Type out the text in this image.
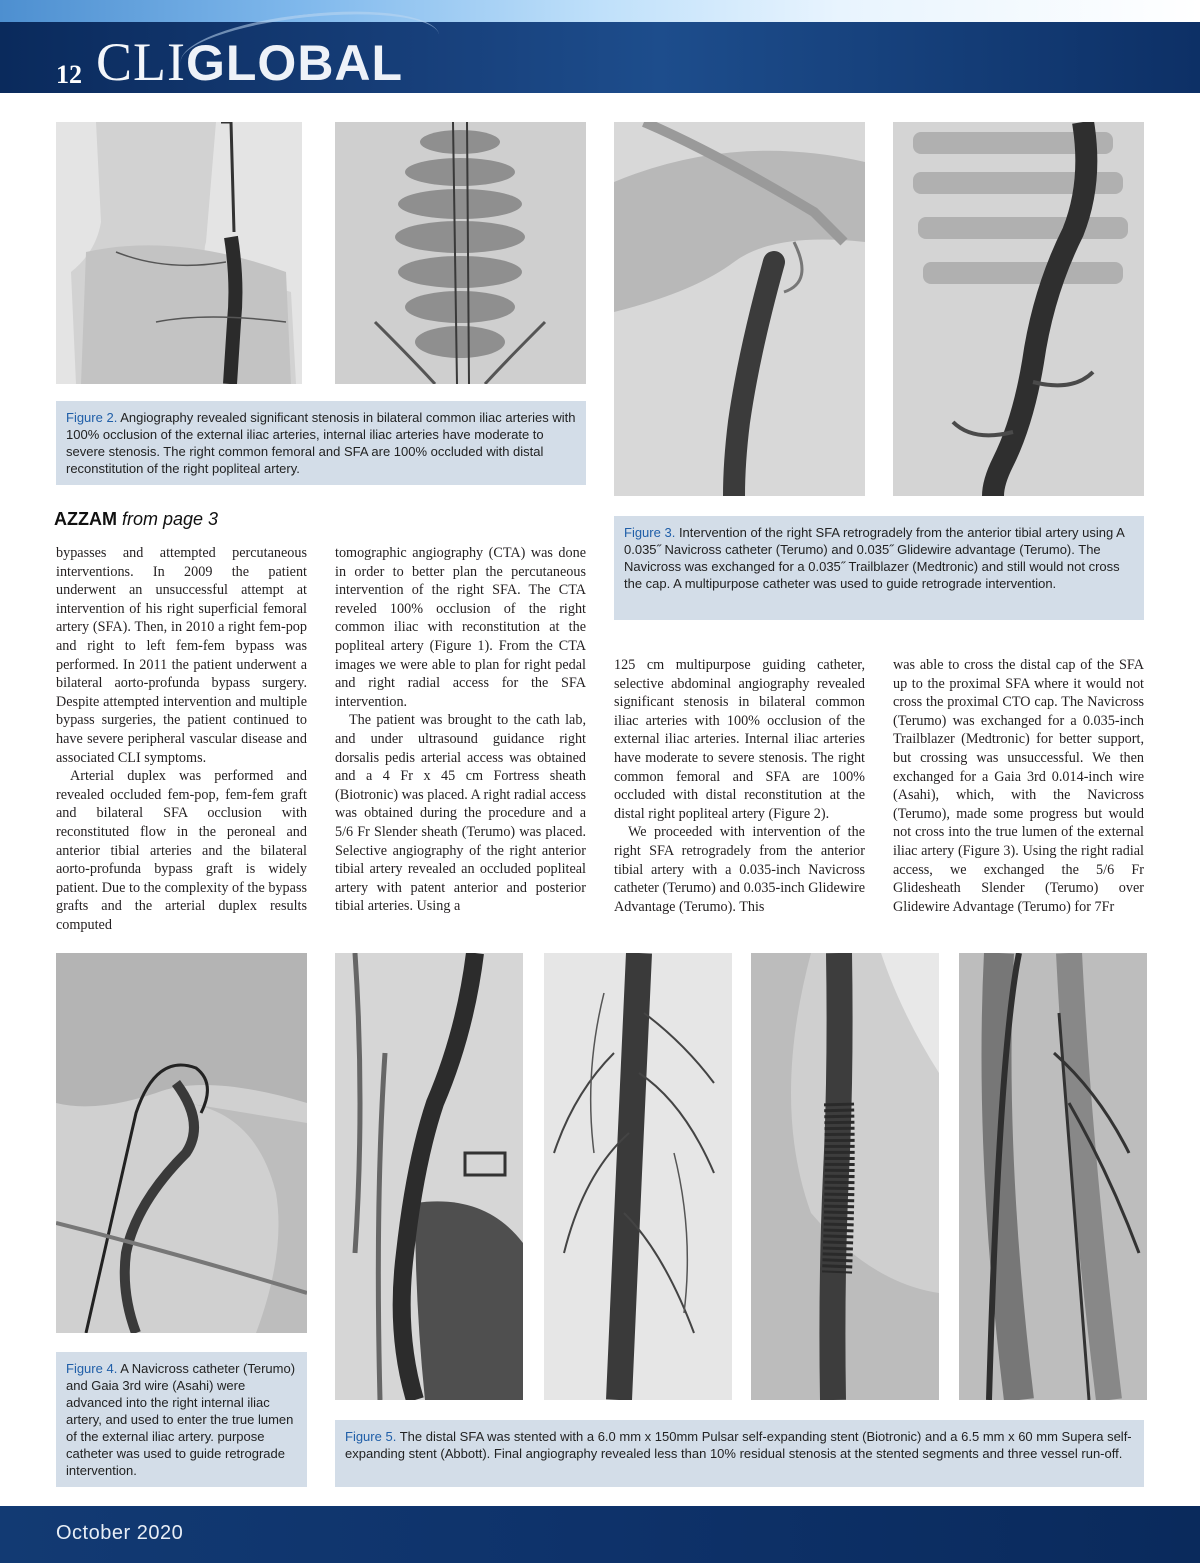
12 CLIGLOBAL
Figure 2. Angiography revealed significant stenosis in bilateral common iliac arteries with 100% occlusion of the external iliac arteries, internal iliac arteries have moderate to severe stenosis. The right common femoral and SFA are 100% occluded with distal reconstitution of the right popliteal artery.
Figure 3. Intervention of the right SFA retrogradely from the anterior tibial artery using A 0.035˝ Navicross catheter (Terumo) and 0.035˝ Glidewire advantage (Terumo). The Navicross was exchanged for a 0.035˝ Trailblazer (Medtronic) and still would not cross the cap. A multipurpose catheter was used to guide retrograde intervention.
AZZAM from page 3

bypasses and attempted percutaneous interventions. In 2009 the patient underwent an unsuccessful attempt at intervention of his right superficial femoral artery (SFA). Then, in 2010 a right fem-pop and right to left fem-fem bypass was performed. In 2011 the patient underwent a bilateral aorto-profunda bypass surgery. Despite attempted intervention and multiple bypass surgeries, the patient continued to have severe peripheral vascular disease and associated CLI symptoms.

Arterial duplex was performed and revealed occluded fem-pop, fem-fem graft and bilateral SFA occlusion with reconstituted flow in the peroneal and anterior tibial arteries and the bilateral aorto-profunda bypass graft is widely patient. Due to the complexity of the bypass grafts and the arterial duplex results computed

tomographic angiography (CTA) was done in order to better plan the percutaneous intervention of the right SFA. The CTA reveled 100% occlusion of the right common iliac with reconstitution at the popliteal artery (Figure 1). From the CTA images we were able to plan for right pedal and right radial access for the SFA intervention.

The patient was brought to the cath lab, and under ultrasound guidance right dorsalis pedis arterial access was obtained and a 4 Fr x 45 cm Fortress sheath (Biotronic) was placed. A right radial access was obtained during the procedure and a 5/6 Fr Slender sheath (Terumo) was placed. Selective angiography of the right anterior tibial artery revealed an occluded popliteal artery with patent anterior and posterior tibial arteries. Using a

125 cm multipurpose guiding catheter, selective abdominal angiography revealed significant stenosis in bilateral common iliac arteries with 100% occlusion of the external iliac arteries. Internal iliac arteries have moderate to severe stenosis. The right common femoral and SFA are 100% occluded with distal reconstitution at the distal right popliteal artery (Figure 2).

We proceeded with intervention of the right SFA retrogradely from the anterior tibial artery with a 0.035-inch Navicross catheter (Terumo) and 0.035-inch Glidewire Advantage (Terumo). This

was able to cross the distal cap of the SFA up to the proximal SFA where it would not cross the proximal CTO cap. The Navicross (Terumo) was exchanged for a 0.035-inch Trailblazer (Medtronic) for better support, but crossing was unsuccessful. We then exchanged for a Gaia 3rd 0.014-inch wire (Asahi), which, with the Navicross (Terumo), made some progress but would not cross into the true lumen of the external iliac artery (Figure 3). Using the right radial access, we exchanged the 5/6 Fr Glidesheath Slender (Terumo) over Glidewire Advantage (Terumo) for 7Fr

Figure 4. A Navicross catheter (Terumo) and Gaia 3rd wire (Asahi) were advanced into the right internal iliac artery, and used to enter the true lumen of the external iliac artery. purpose catheter was used to guide retrograde intervention.
Figure 5. The distal SFA was stented with a 6.0 mm x 150mm Pulsar self-expanding stent (Biotronic) and a 6.5 mm x 60 mm Supera self-expanding stent (Abbott). Final angiography revealed less than 10% residual stenosis at the stented segments and three vessel run-off.
October 2020
